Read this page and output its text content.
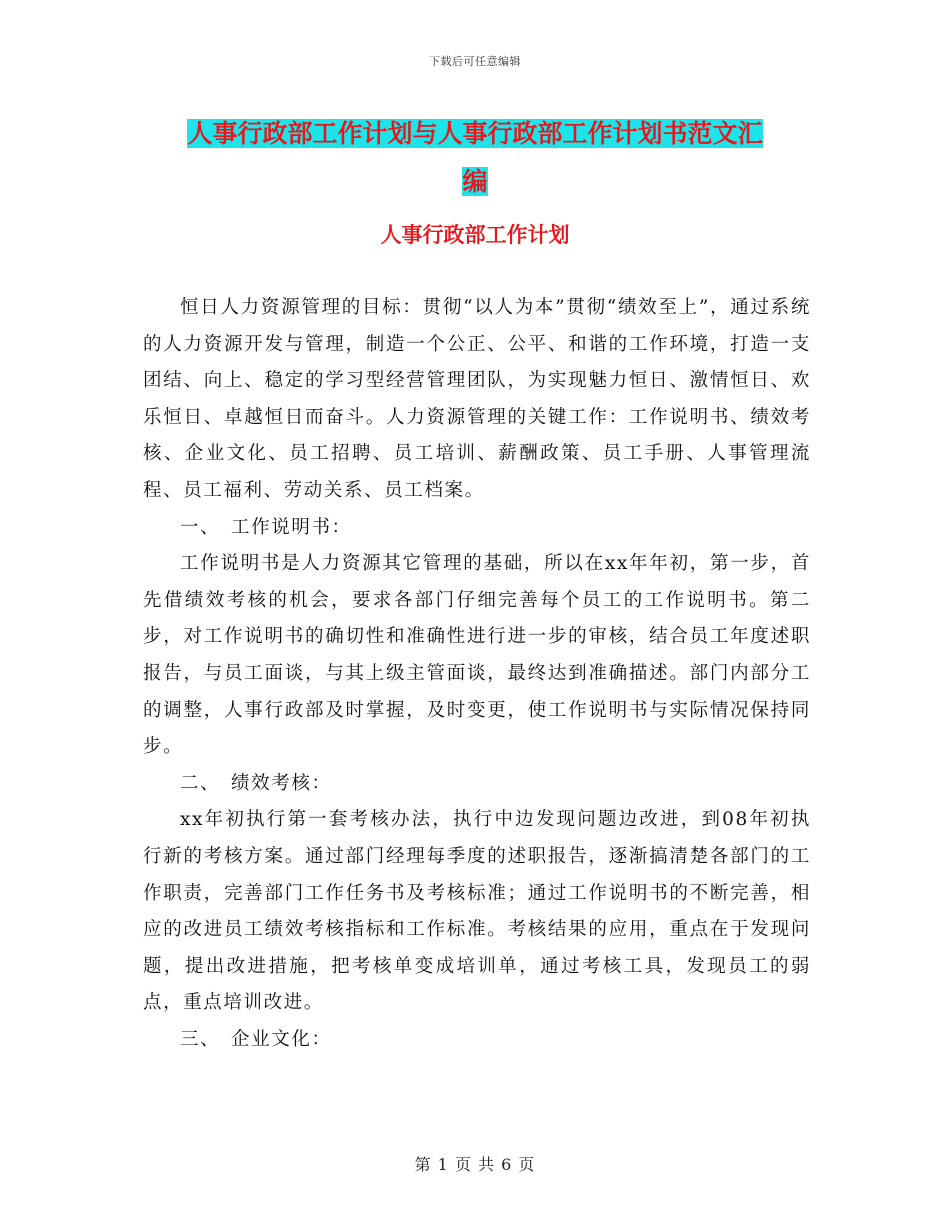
下载后可任意编辑
人事行政部工作计划与人事行政部工作计划书范文汇
编
人事行政部工作计划

恒日人力资源管理的目标：贯彻“以人为本”贯彻“绩效至上”，通过系统的人力资源开发与管理，制造一个公正、公平、和谐的工作环境，打造一支团结、向上、稳定的学习型经营管理团队，为实现魅力恒日、激情恒日、欢乐恒日、卓越恒日而奋斗。人力资源管理的关键工作：工作说明书、绩效考核、企业文化、员工招聘、员工培训、薪酬政策、员工手册、人事管理流程、员工福利、劳动关系、员工档案。

一、　工作说明书：

工作说明书是人力资源其它管理的基础，所以在xx年年初，第一步，首先借绩效考核的机会，要求各部门仔细完善每个员工的工作说明书。第二步，对工作说明书的确切性和准确性进行进一步的审核，结合员工年度述职报告，与员工面谈，与其上级主管面谈，最终达到准确描述。部门内部分工的调整，人事行政部及时掌握，及时变更，使工作说明书与实际情况保持同步。

二、　绩效考核：

xx年初执行第一套考核办法，执行中边发现问题边改进，到08年初执行新的考核方案。通过部门经理每季度的述职报告，逐渐搞清楚各部门的工作职责，完善部门工作任务书及考核标准；通过工作说明书的不断完善，相应的改进员工绩效考核指标和工作标准。考核结果的应用，重点在于发现问题，提出改进措施，把考核单变成培训单，通过考核工具，发现员工的弱点，重点培训改进。

三、　企业文化：

第 1 页 共 6 页
